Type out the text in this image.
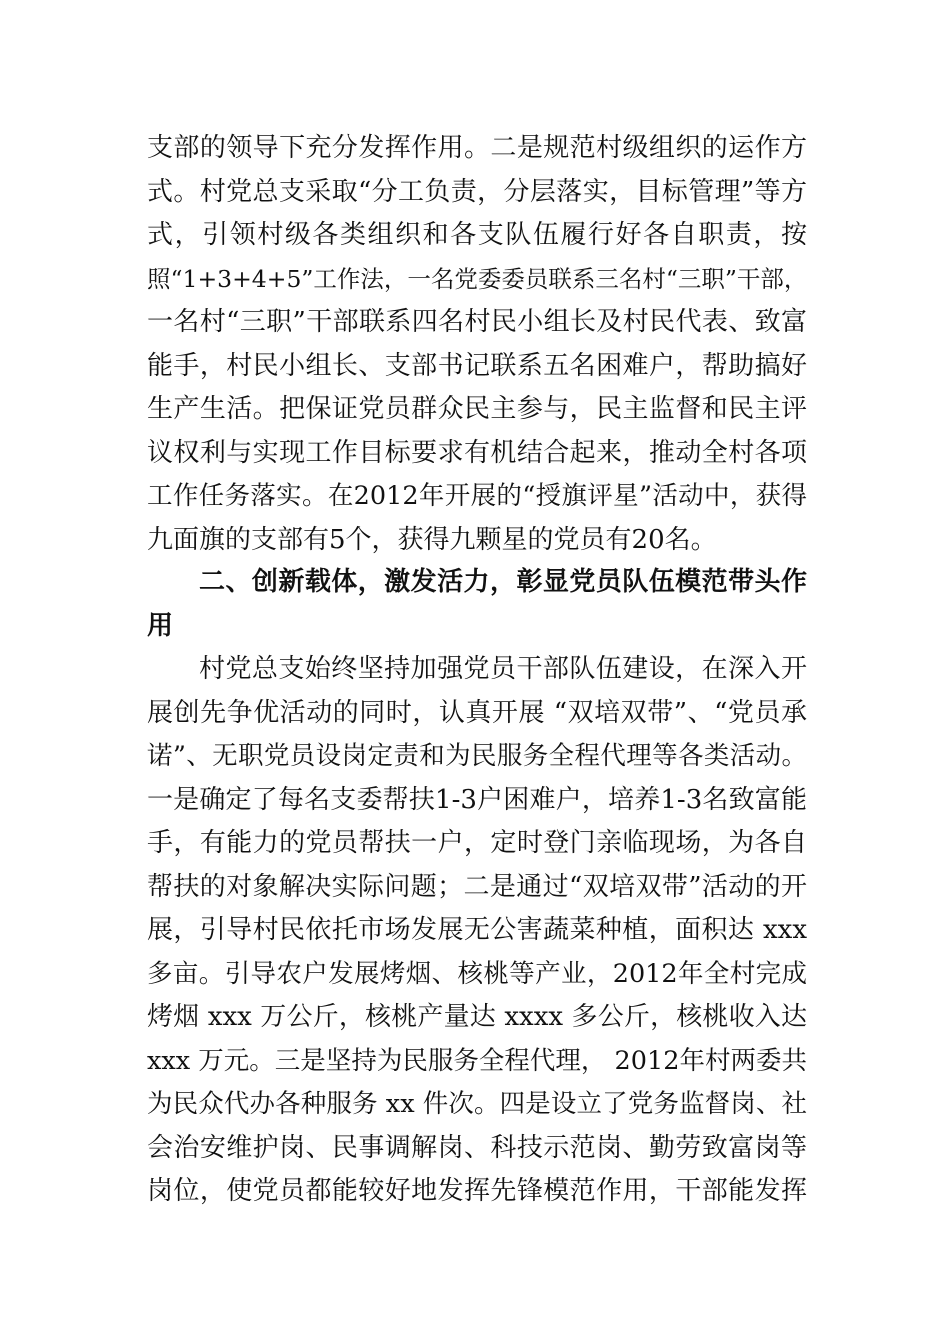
支部的领导下充分发挥作用。二是规范村级组织的运作方
式。村党总支采取“分工负责，分层落实，目标管理”等方
式，引领村级各类组织和各支队伍履行好各自职责，按
照“1+3+4+5”工作法，一名党委委员联系三名村“三职”干部，
一名村“三职”干部联系四名村民小组长及村民代表、致富
能手，村民小组长、支部书记联系五名困难户，帮助搞好
生产生活。把保证党员群众民主参与，民主监督和民主评
议权利与实现工作目标要求有机结合起来，推动全村各项
工作任务落实。在2012年开展的“授旗评星”活动中，获得
九面旗的支部有5个，获得九颗星的党员有20名。
二、创新载体，激发活力，彰显党员队伍模范带头作
用
村党总支始终坚持加强党员干部队伍建设，在深入开
展创先争优活动的同时，认真开展 “双培双带”、“党员承
诺”、无职党员设岗定责和为民服务全程代理等各类活动。
一是确定了每名支委帮扶1-3户困难户，培养1-3名致富能
手，有能力的党员帮扶一户，定时登门亲临现场，为各自
帮扶的对象解决实际问题；二是通过“双培双带”活动的开
展，引导村民依托市场发展无公害蔬菜种植，面积达 xxx
多亩。引导农户发展烤烟、核桃等产业，2012年全村完成
烤烟 xxx 万公斤，核桃产量达 xxxx 多公斤，核桃收入达
xxx 万元。三是坚持为民服务全程代理， 2012年村两委共
为民众代办各种服务 xx 件次。四是设立了党务监督岗、社
会治安维护岗、民事调解岗、科技示范岗、勤劳致富岗等
岗位，使党员都能较好地发挥先锋模范作用，干部能发挥
